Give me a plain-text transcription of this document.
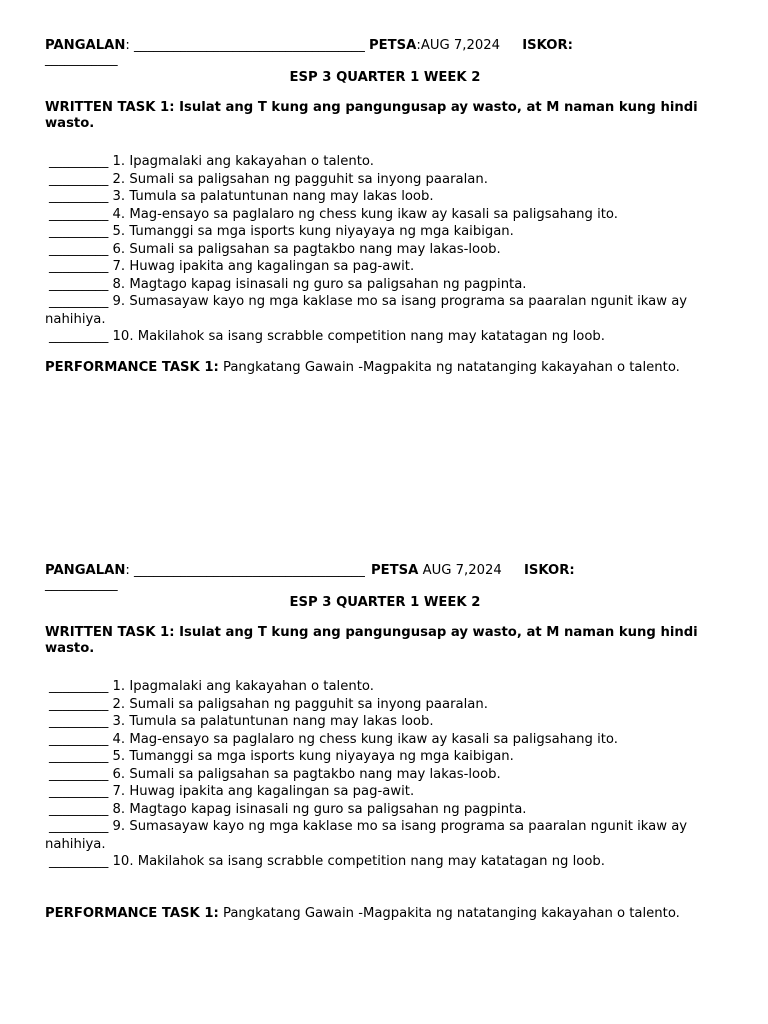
PANGALAN: ___________________________________ PETSA:AUG 7,2024 ISKOR:
___________
ESP 3 QUARTER 1 WEEK 2
WRITTEN TASK 1: Isulat ang T kung ang pangungusap ay wasto, at M naman kung hindi wasto.
_________ 1. Ipagmalaki ang kakayahan o talento.
_________ 2. Sumali sa paligsahan ng pagguhit sa inyong paaralan.
_________ 3. Tumula sa palatuntunan nang may lakas loob.
_________ 4. Mag-ensayo sa paglalaro ng chess kung ikaw ay kasali sa paligsahang ito.
_________ 5. Tumanggi sa mga isports kung niyayaya ng mga kaibigan.
_________ 6. Sumali sa paligsahan sa pagtakbo nang may lakas-loob.
_________ 7. Huwag ipakita ang kagalingan sa pag-awit.
_________ 8. Magtago kapag isinasali ng guro sa paligsahan ng pagpinta.
_________ 9. Sumasayaw kayo ng mga kaklase mo sa isang programa sa paaralan ngunit ikaw ay nahihiya.
_________ 10. Makilahok sa isang scrabble competition nang may katatagan ng loob.
PERFORMANCE TASK 1: Pangkatang Gawain -Magpakita ng natatanging kakayahan o talento.
PANGALAN: ___________________________________ PETSA AUG 7,2024 ISKOR:
___________
ESP 3 QUARTER 1 WEEK 2
WRITTEN TASK 1: Isulat ang T kung ang pangungusap ay wasto, at M naman kung hindi wasto.
_________ 1. Ipagmalaki ang kakayahan o talento.
_________ 2. Sumali sa paligsahan ng pagguhit sa inyong paaralan.
_________ 3. Tumula sa palatuntunan nang may lakas loob.
_________ 4. Mag-ensayo sa paglalaro ng chess kung ikaw ay kasali sa paligsahang ito.
_________ 5. Tumanggi sa mga isports kung niyayaya ng mga kaibigan.
_________ 6. Sumali sa paligsahan sa pagtakbo nang may lakas-loob.
_________ 7. Huwag ipakita ang kagalingan sa pag-awit.
_________ 8. Magtago kapag isinasali ng guro sa paligsahan ng pagpinta.
_________ 9. Sumasayaw kayo ng mga kaklase mo sa isang programa sa paaralan ngunit ikaw ay nahihiya.
_________ 10. Makilahok sa isang scrabble competition nang may katatagan ng loob.
PERFORMANCE TASK 1: Pangkatang Gawain -Magpakita ng natatanging kakayahan o talento.
